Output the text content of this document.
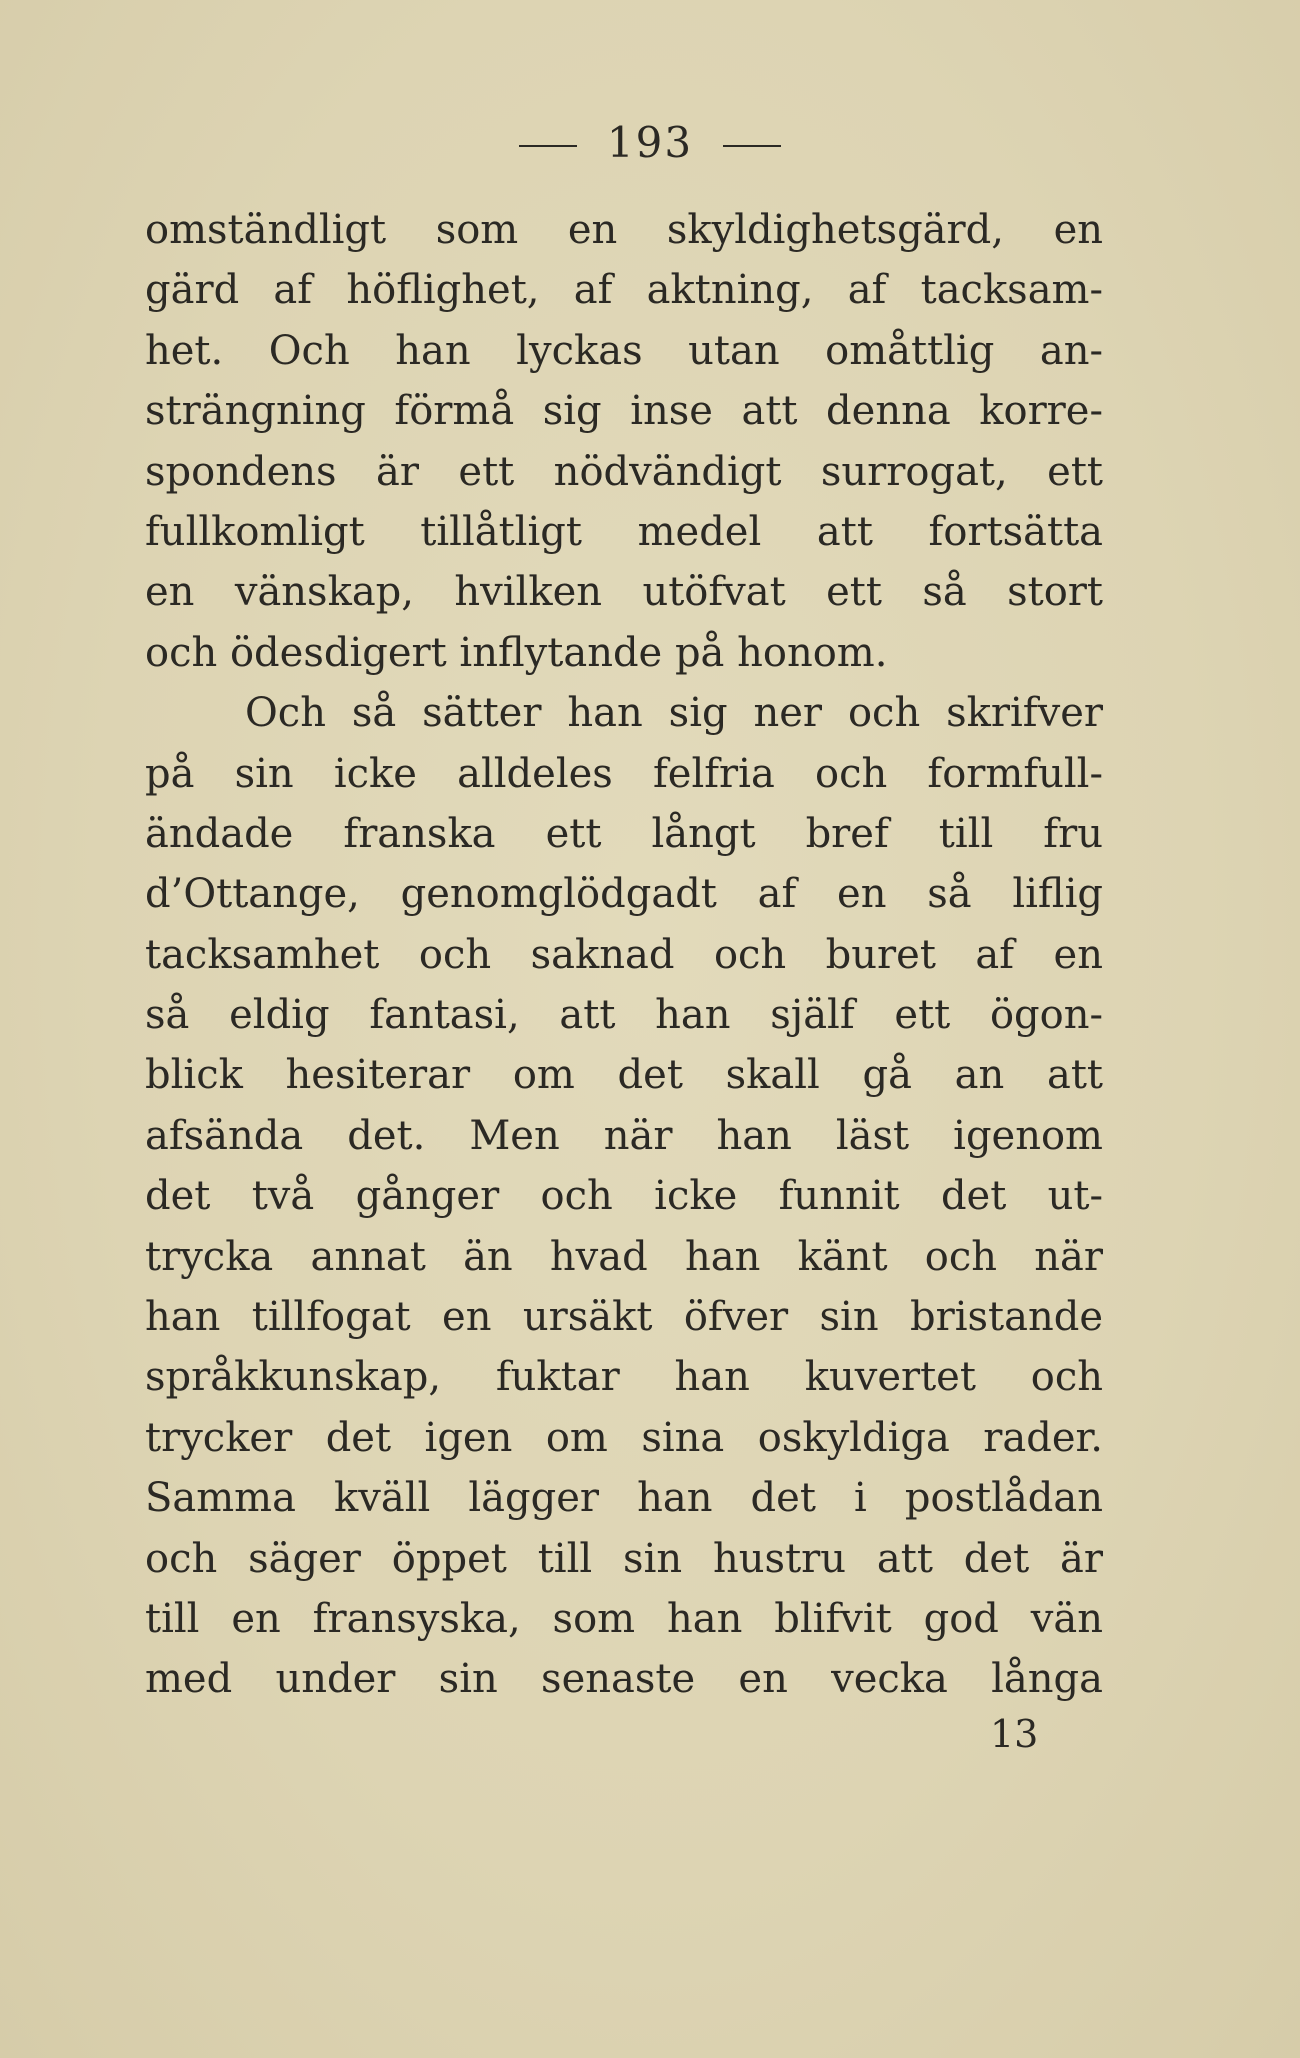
193
omständligt som en skyldighetsgärd, en
gärd af höflighet, af aktning, af tacksam-
het. Och han lyckas utan omåttlig an-
strängning förmå sig inse att denna korre-
spondens är ett nödvändigt surrogat, ett
fullkomligt tillåtligt medel att fortsätta
en vänskap, hvilken utöfvat ett så stort
och ödesdigert inflytande på honom.
Och så sätter han sig ner och skrifver
på sin icke alldeles felfria och formfull-
ändade franska ett långt bref till fru
d’Ottange, genomglödgadt af en så liflig
tacksamhet och saknad och buret af en
så eldig fantasi, att han själf ett ögon-
blick hesiterar om det skall gå an att
afsända det. Men när han läst igenom
det två gånger och icke funnit det ut-
trycka annat än hvad han känt och när
han tillfogat en ursäkt öfver sin bristande
språkkunskap, fuktar han kuvertet och
trycker det igen om sina oskyldiga rader.
Samma kväll lägger han det i postlådan
och säger öppet till sin hustru att det är
till en fransyska, som han blifvit god vän
med under sin senaste en vecka långa
13
